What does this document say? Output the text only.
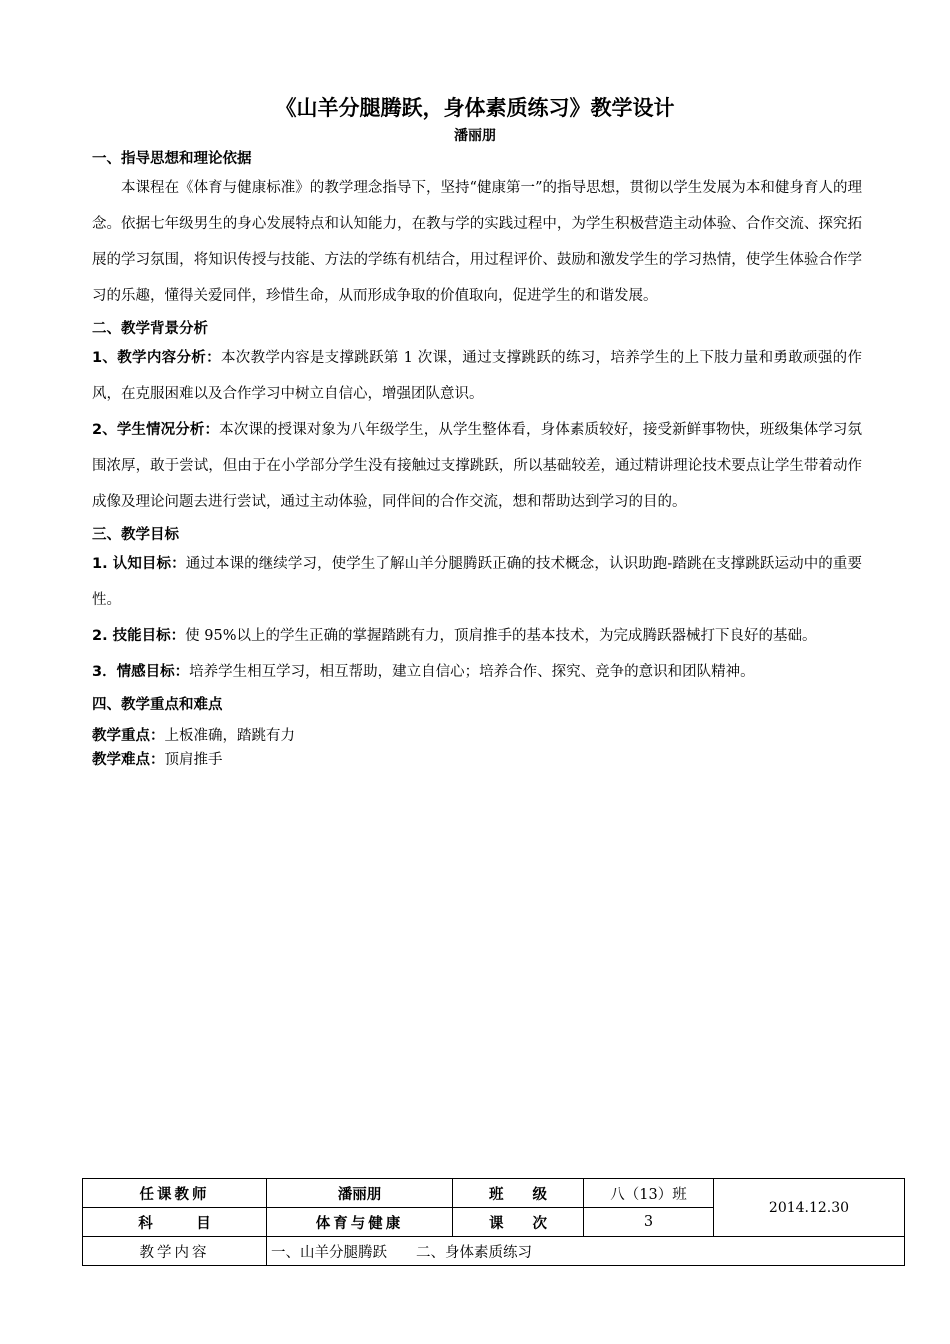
《山羊分腿腾跃，身体素质练习》教学设计
潘丽朋

一、指导思想和理论依据

本课程在《体育与健康标准》的教学理念指导下，坚持“健康第一”的指导思想，贯彻以学生发展为本和健身育人的理念。依据七年级男生的身心发展特点和认知能力，在教与学的实践过程中，为学生积极营造主动体验、合作交流、探究拓展的学习氛围，将知识传授与技能、方法的学练有机结合，用过程评价、鼓励和激发学生的学习热情，使学生体验合作学习的乐趣，懂得关爱同伴，珍惜生命，从而形成争取的价值取向，促进学生的和谐发展。

二、教学背景分析

1、教学内容分析：本次教学内容是支撑跳跃第 1 次课，通过支撑跳跃的练习，培养学生的上下肢力量和勇敢顽强的作风，在克服困难以及合作学习中树立自信心，增强团队意识。

2、学生情况分析：本次课的授课对象为八年级学生，从学生整体看，身体素质较好，接受新鲜事物快，班级集体学习氛围浓厚，敢于尝试，但由于在小学部分学生没有接触过支撑跳跃，所以基础较差，通过精讲理论技术要点让学生带着动作成像及理论问题去进行尝试，通过主动体验，同伴间的合作交流，想和帮助达到学习的目的。

三、教学目标

1. 认知目标：通过本课的继续学习，使学生了解山羊分腿腾跃正确的技术概念，认识助跑-踏跳在支撑跳跃运动中的重要性。

2. 技能目标：使 95%以上的学生正确的掌握踏跳有力，顶肩推手的基本技术，为完成腾跃器械打下良好的基础。

3．情感目标：培养学生相互学习，相互帮助，建立自信心；培养合作、探究、竞争的意识和团队精神。

四、教学重点和难点

教学重点：上板准确，踏跳有力

教学难点：顶肩推手

任课教师	潘丽朋	班　　级	八（13）班	2014.12.30
科　　　目	体育与健康	课　　次	3	
教学内容	一、山羊分腿腾跃　　二、身体素质练习			
